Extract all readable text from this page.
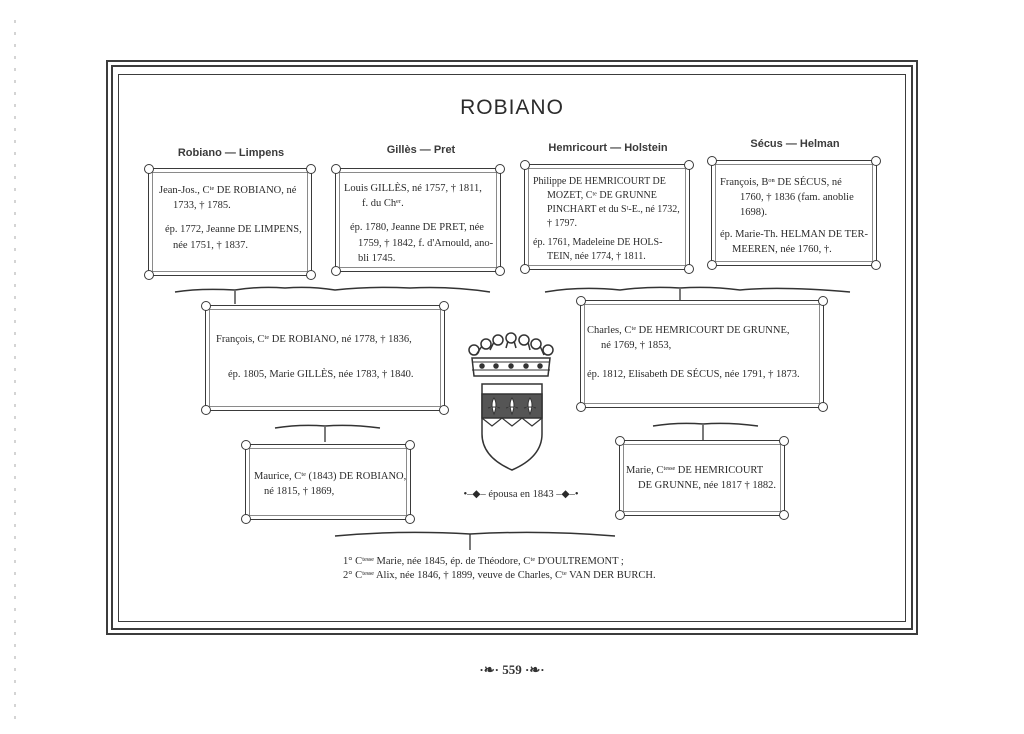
ROBIANO
Robiano — Limpens	Gillès — Pret	Hemricourt — Holstein	Sécus — Helman

Jean-Jos., Cᵗᵉ DE ROBIANO, né

1733, † 1785.

ép. 1772, Jeanne DE LIMPENS,

née 1751, † 1837.

Louis GILLÈS, né 1757, † 1811,

f. du Chᵉʳ.

ép. 1780, Jeanne DE PRET, née

1759, † 1842, f. d'Arnould, ano-

bli 1745.

Philippe DE HEMRICOURT DE

MOZET, Cᵗᵉ DE GRUNNE

PINCHART et du Sᵗ-E., né 1732,

† 1797.

ép. 1761, Madeleine DE HOLS-

TEIN, née 1774, † 1811.

François, Bᵒⁿ DE SÉCUS, né

1760, † 1836 (fam. anoblie

1698).

ép. Marie-Th. HELMAN DE TER-

MEEREN, née 1760, †.

François, Cᵗᵉ DE ROBIANO, né 1778, † 1836,

ép. 1805, Marie GILLÈS, née 1783, † 1840.

Charles, Cᵗᵉ DE HEMRICOURT DE GRUNNE,

né 1769, † 1853,

ép. 1812, Elisabeth DE SÉCUS, née 1791, † 1873.

Maurice, Cᵗᵉ (1843) DE ROBIANO,

né 1815, † 1869,

Marie, Cᵗᵉˢˢᵉ DE HEMRICOURT

DE GRUNNE, née 1817 † 1882.

•–◆– épousa en 1843 –◆–•
1° Cᵗᵉˢˢᵉ Marie, née 1845, ép. de Théodore, Cᵗᵉ D'OULTREMONT ;
2° Cᵗᵉˢˢᵉ Alix, née 1846, † 1899, veuve de Charles, Cᵗᵉ VAN DER BURCH.
·❧· 559 ·❧·
